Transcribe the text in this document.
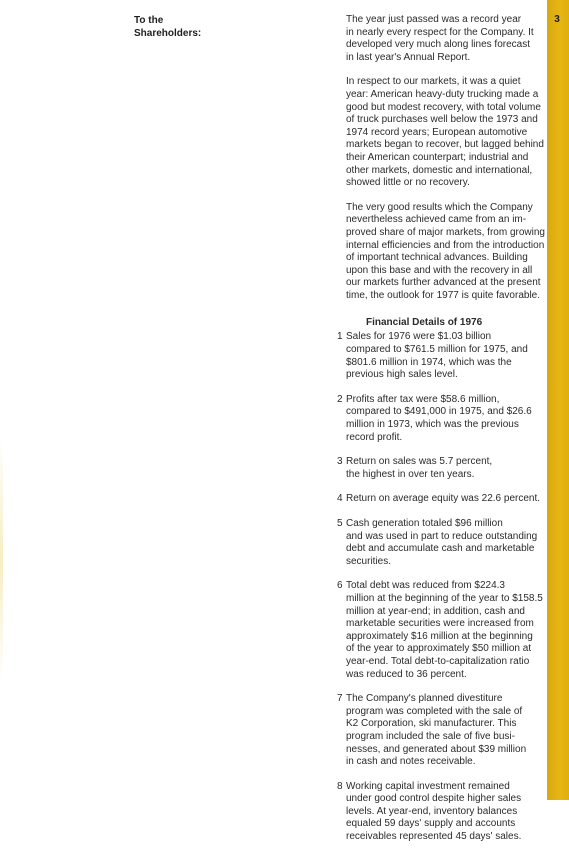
3
To the
Shareholders:
The year just passed was a record year
in nearly every respect for the Company. It
developed very much along lines forecast
in last year's Annual Report.
In respect to our markets, it was a quiet
year: American heavy-duty trucking made a
good but modest recovery, with total volume
of truck purchases well below the 1973 and
1974 record years; European automotive
markets began to recover, but lagged behind
their American counterpart; industrial and
other markets, domestic and international,
showed little or no recovery.
The very good results which the Company
nevertheless achieved came from an im-
proved share of major markets, from growing
internal efficiencies and from the introduction
of important technical advances. Building
upon this base and with the recovery in all
our markets further advanced at the present
time, the outlook for 1977 is quite favorable.
Financial Details of 1976
1 Sales for 1976 were $1.03 billion
compared to $761.5 million for 1975, and
$801.6 million in 1974, which was the
previous high sales level.
2 Profits after tax were $58.6 million,
compared to $491,000 in 1975, and $26.6
million in 1973, which was the previous
record profit.
3 Return on sales was 5.7 percent,
the highest in over ten years.
4 Return on average equity was 22.6 percent.
5 Cash generation totaled $96 million
and was used in part to reduce outstanding
debt and accumulate cash and marketable
securities.
6 Total debt was reduced from $224.3
million at the beginning of the year to $158.5
million at year-end; in addition, cash and
marketable securities were increased from
approximately $16 million at the beginning
of the year to approximately $50 million at
year-end. Total debt-to-capitalization ratio
was reduced to 36 percent.
7 The Company's planned divestiture
program was completed with the sale of
K2 Corporation, ski manufacturer. This
program included the sale of five busi-
nesses, and generated about $39 million
in cash and notes receivable.
8 Working capital investment remained
under good control despite higher sales
levels. At year-end, inventory balances
equaled 59 days' supply and accounts
receivables represented 45 days' sales.
